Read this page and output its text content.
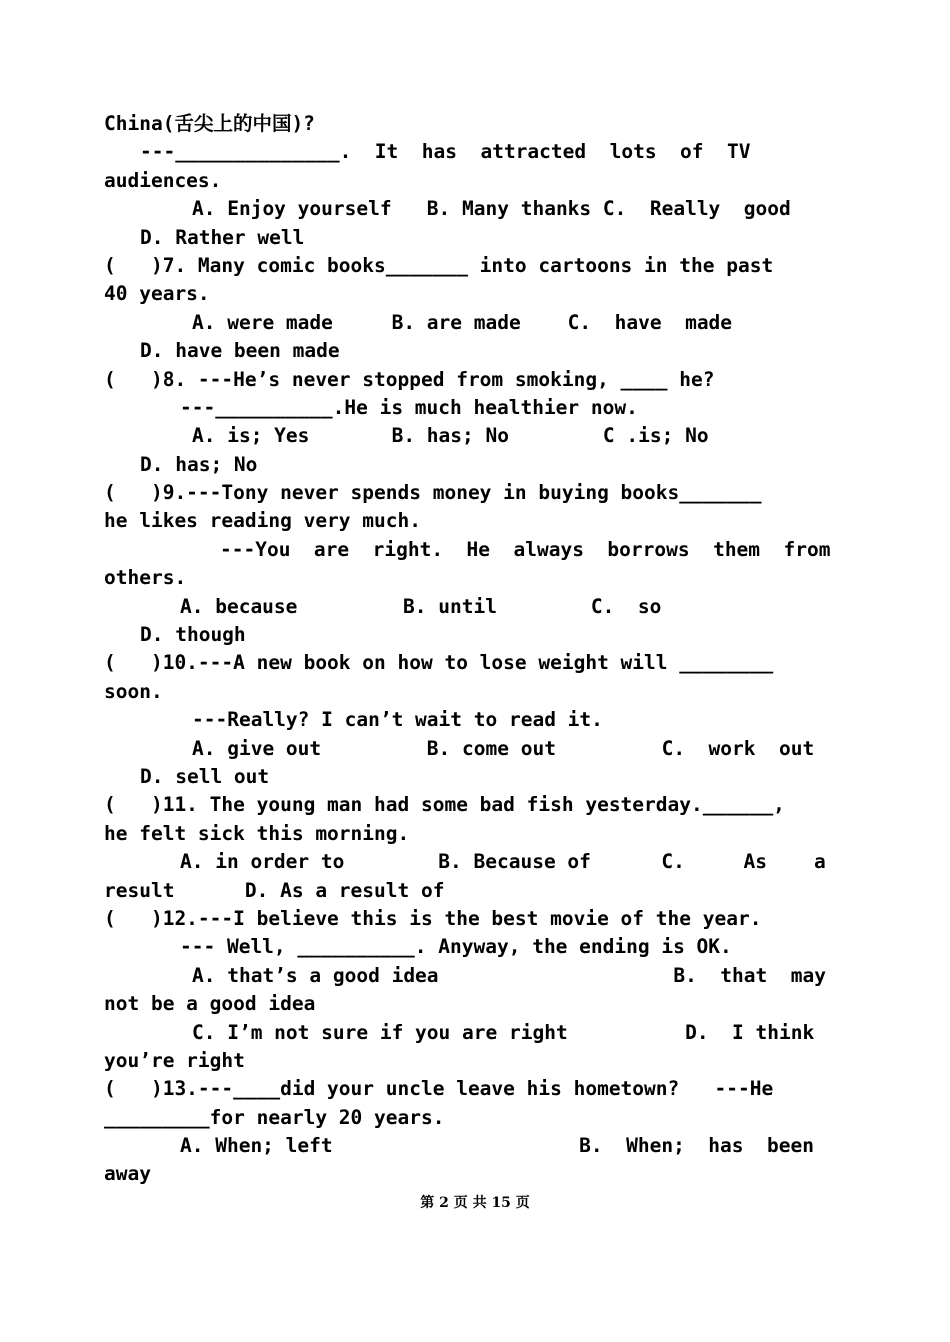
China(舌尖上的中国)?
---______________.  It  has  attracted  lots  of  TV
audiences.
A. Enjoy yourself   B. Many thanks C.  Really  good
D. Rather well
(   )7. Many comic books_______ into cartoons in the past
40 years.
A. were made     B. are made    C.  have  made
D. have been made
(   )8. ---He’s never stopped from smoking, ____ he?
---__________.He is much healthier now.
A. is; Yes       B. has; No        C .is; No
D. has; No
(   )9.---Tony never spends money in buying books_______
he likes reading very much.
---You  are  right.  He  always  borrows  them  from
others.
A. because         B. until        C.  so
D. though
(   )10.---A new book on how to lose weight will ________
soon.
---Really? I can’t wait to read it.
A. give out         B. come out         C.  work  out
D. sell out
(   )11. The young man had some bad fish yesterday.______,
he felt sick this morning.
A. in order to        B. Because of      C.     As    a
result      D. As a result of
(   )12.---I believe this is the best movie of the year.
--- Well, __________. Anyway, the ending is OK.
A. that’s a good idea                    B.  that  may
not be a good idea
C. I’m not sure if you are right          D.  I think
you’re right
(   )13.---____did your uncle leave his hometown?   ---He
_________for nearly 20 years.
A. When; left                     B.  When;  has  been
away
第 2 页 共 15 页
